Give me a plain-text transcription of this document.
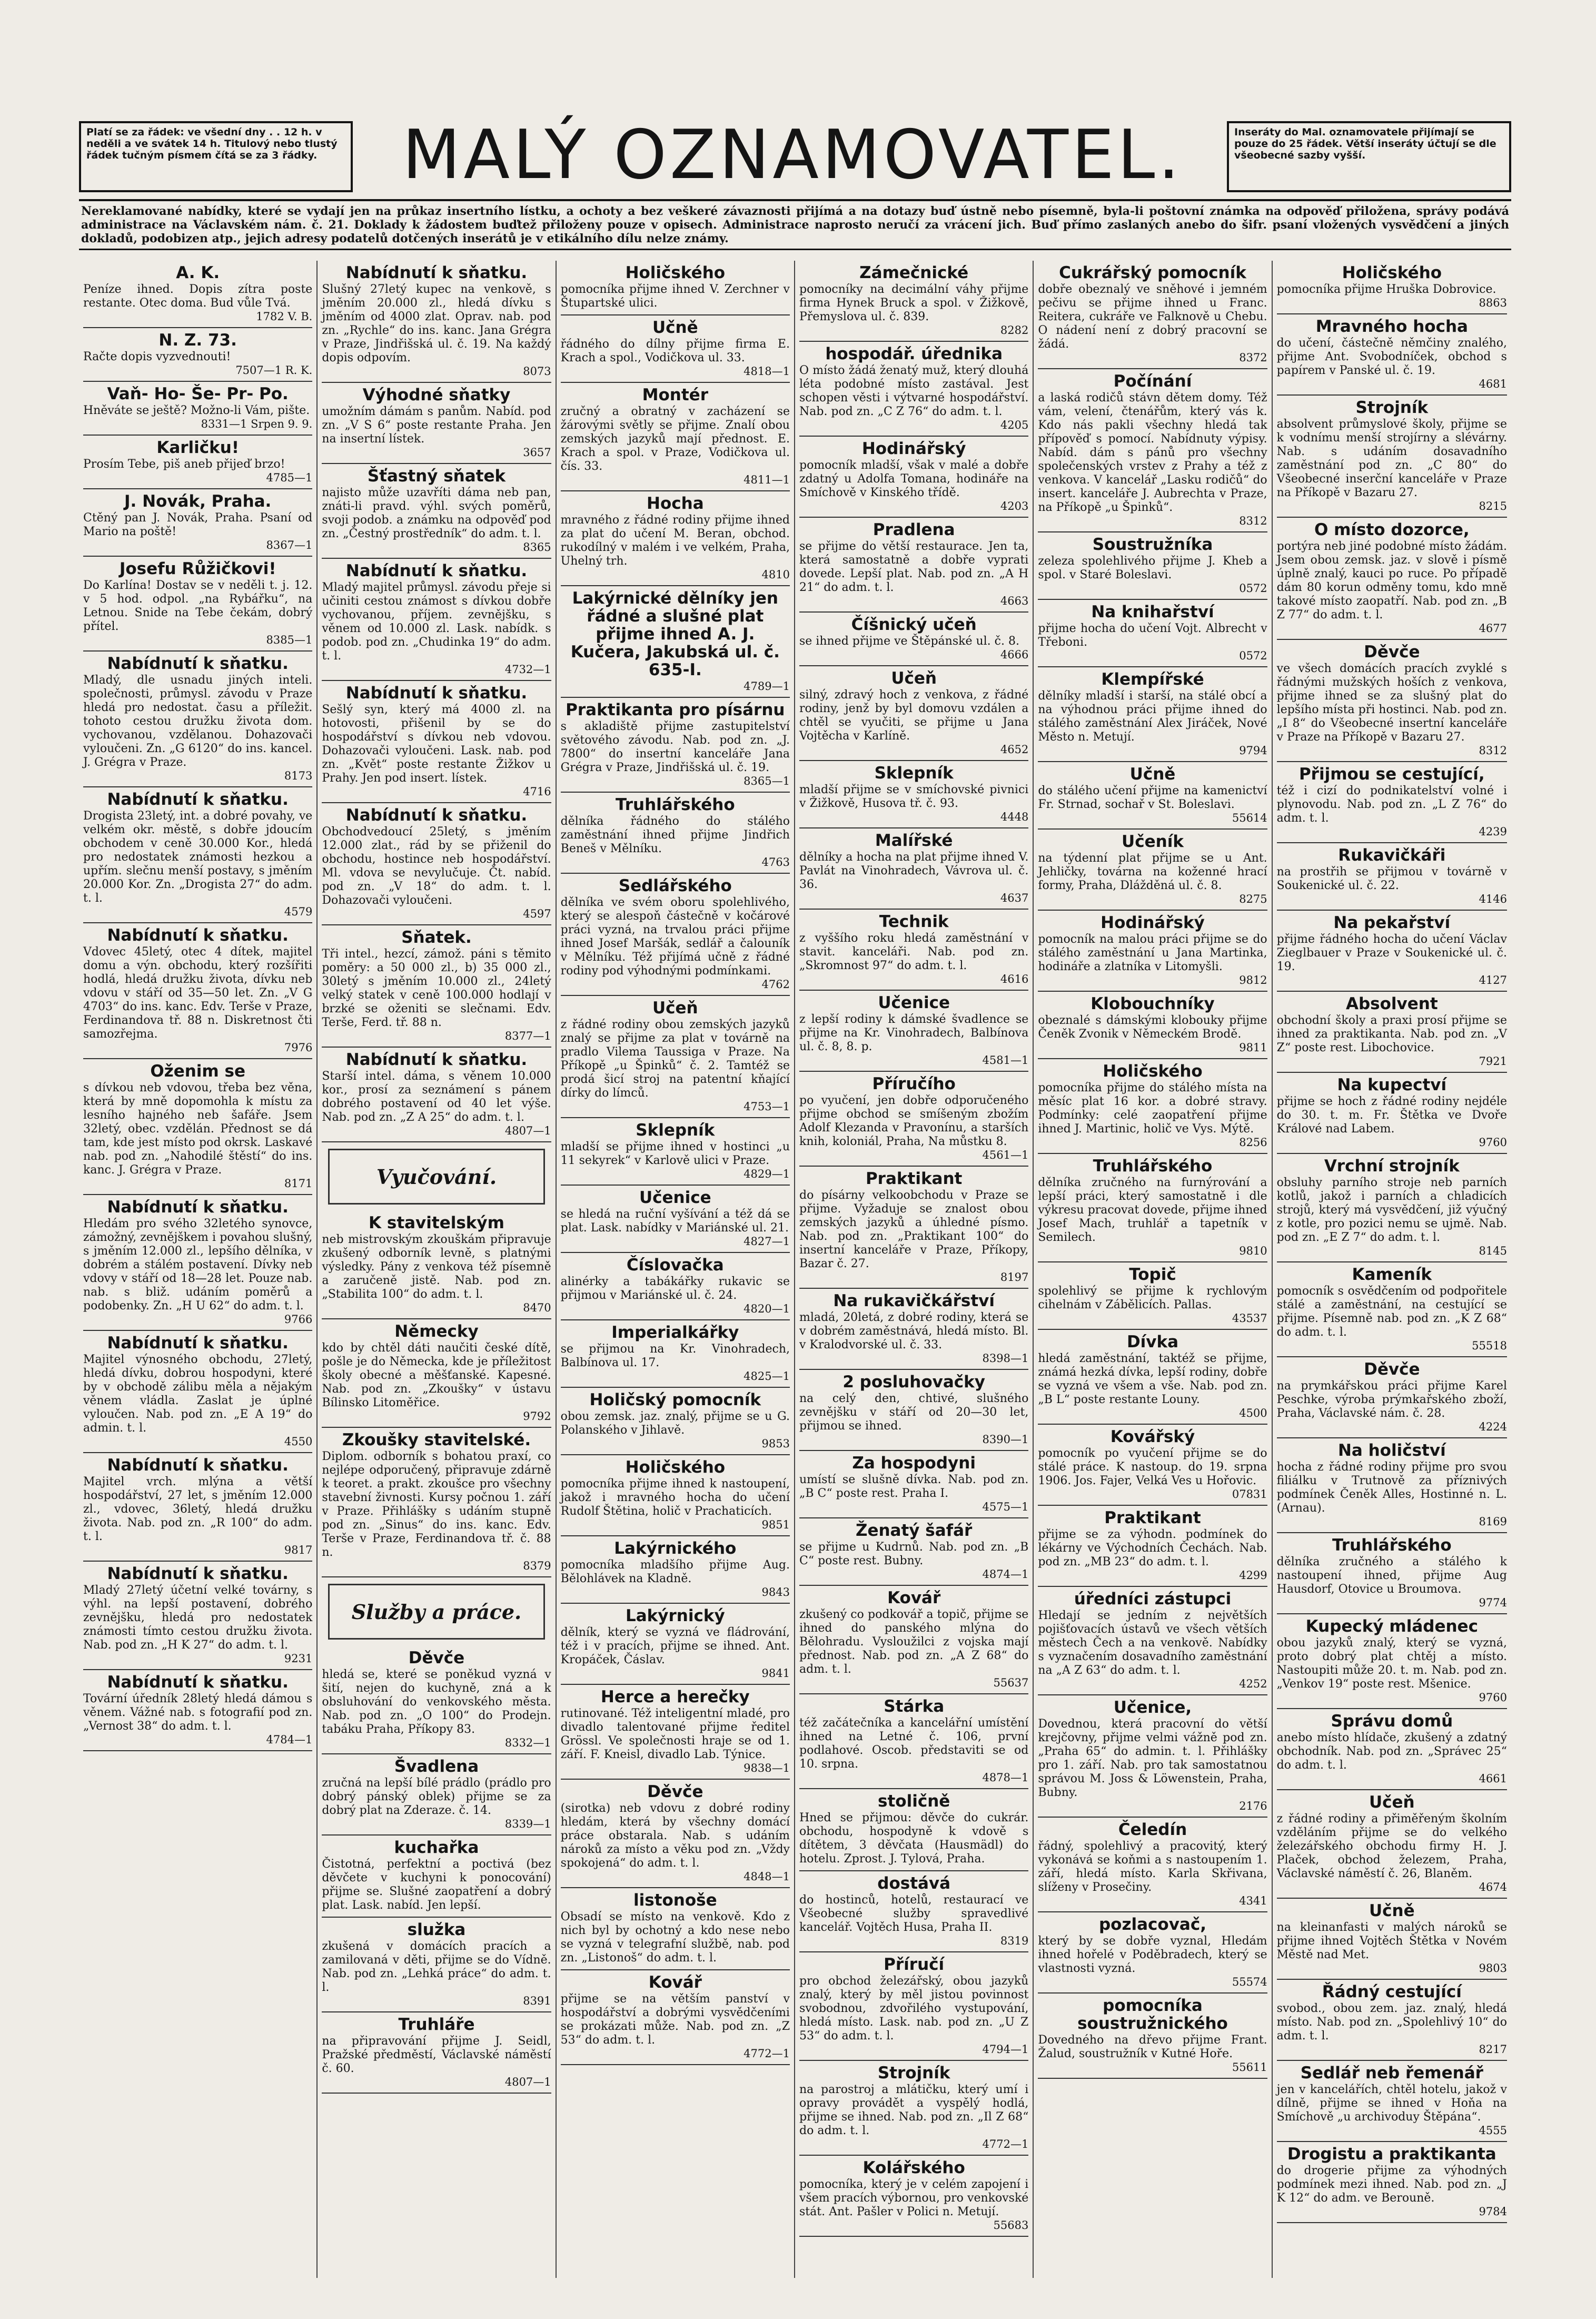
Platí se za řádek: ve všední dny . . 12 h. v neděli a ve svátek 14 h. Titulový nebo tlustý řádek tučným písmem čítá se za 3 řádky.	MALÝ OZNAMOVATEL.	Inseráty do Mal. oznamovatele přijímají se pouze do 25 řádek. Větší inseráty účtují se dle všeobecné sazby vyšší.
Nereklamované nabídky, které se vydají jen na průkaz insertního lístku, a ochoty a bez veškeré závaznosti přijímá a na dotazy buď ústně nebo písemně, byla-li poštovní známka na odpověď přiložena, správy podává administrace na Václavském nám. č. 21. Doklady k žádostem buďtež přiloženy pouze v opisech. Administrace naprosto neručí za vrácení jich. Buď přímo zaslaných anebo do šifr. psaní vložených vysvědčení a jiných dokladů, podobizen atp., jejich adresy podatelů dotčených inserátů je v etikálního dílu nelze známy.
A. K.
Peníze ihned. Dopis zítra poste restante. Otec doma. Bud vůle Tvá.
1782 V. B.
N. Z. 73.
Račte dopis vyzvednouti!
7507—1 R. K.
Vaň- Ho- Še- Pr- Po.
Hněváte se ještě? Možno-li Vám, pište.
8331—1 Srpen 9. 9.
Karličku!
Prosím Tebe, piš aneb přijeď brzo!
4785—1
J. Novák, Praha.
Ctěný pan J. Novák, Praha. Psaní od Mario na poště!
8367—1
Josefu Růžičkovi!
Do Karlína! Dostav se v neděli t. j. 12. v 5 hod. odpol. „na Rybářku“, na Letnou. Snide na Tebe čekám, dobrý přítel.
8385—1
Nabídnutí k sňatku.
Mladý, dle usnadu jiných inteli. společnosti, průmysl. závodu v Praze hledá pro nedostat. času a příležit. tohoto cestou družku života dom. vychovanou, vzdělanou. Dohazovači vyloučeni. Zn. „G 6120“ do ins. kancel. J. Grégra v Praze.
8173
Nabídnutí k sňatku.
Drogista 23letý, int. a dobré povahy, ve velkém okr. městě, s dobře jdoucím obchodem v ceně 30.000 Kor., hledá pro nedostatek známosti hezkou a upřím. slečnu menší postavy, s jměním 20.000 Kor. Zn. „Drogista 27“ do adm. t. l.
4579
Nabídnutí k sňatku.
Vdovec 45letý, otec 4 dítek, majitel domu a výn. obchodu, který rozšířiti hodlá, hledá družku života, dívku neb vdovu v stáří od 35—50 let. Zn. „V G 4703“ do ins. kanc. Edv. Terše v Praze, Ferdinandova tř. 88 n. Diskretnost čti samozřejma.
7976
Oženim se
s dívkou neb vdovou, třeba bez věna, která by mně dopomohla k místu za lesního hajného neb šafáře. Jsem 32letý, obec. vzdělán. Přednost se dá tam, kde jest místo pod okrsk. Laskavé nab. pod zn. „Nahodilé štěstí“ do ins. kanc. J. Grégra v Praze.
8171
Nabídnutí k sňatku.
Hledám pro svého 32letého synovce, zámožný, zevnějškem i povahou slušný, s jměním 12.000 zl., lepšího dělníka, v dobrém a stálém postavení. Dívky neb vdovy v stáří od 18—28 let. Pouze nab. nab. s bliž. udáním poměrů a podobenky. Zn. „H U 62“ do adm. t. l.
9766
Nabídnutí k sňatku.
Majitel výnosného obchodu, 27letý, hledá dívku, dobrou hospodyni, které by v obchodě zálibu měla a nějakým věnem vládla. Zaslat je úplné vyloučen. Nab. pod zn. „E A 19“ do admin. t. l.
4550
Nabídnutí k sňatku.
Majitel vrch. mlýna a větší hospodářství, 27 let, s jměním 12.000 zl., vdovec, 36letý, hledá družku života. Nab. pod zn. „R 100“ do adm. t. l.
9817
Nabídnutí k sňatku.
Mladý 27letý účetní velké továrny, s výhl. na lepší postavení, dobrého zevnějšku, hledá pro nedostatek známosti tímto cestou družku života. Nab. pod zn. „H K 27“ do adm. t. l.
9231
Nabídnutí k sňatku.
Tovární úředník 28letý hledá dámou s věnem. Vážné nab. s fotografií pod zn. „Vernost 38“ do adm. t. l.
4784—1
Nabídnutí k sňatku.
Slušný 27letý kupec na venkově, s jměním 20.000 zl., hledá dívku s jměním od 4000 zlat. Oprav. nab. pod zn. „Rychle“ do ins. kanc. Jana Grégra v Praze, Jindřišská ul. č. 19. Na každý dopis odpovím.
8073
Výhodné sňatky
umožním dámám s panům. Nabíd. pod zn. „V S 6“ poste restante Praha. Jen na insertní lístek.
3657
Šťastný sňatek
najisto může uzavříti dáma neb pan, znáti-li pravd. výhl. svých poměrů, svoji podob. a známku na odpověď pod zn. „Čestný prostředník“ do adm. t. l.
8365
Nabídnutí k sňatku.
Mladý majitel průmysl. závodu přeje si učiniti cestou známost s dívkou dobře vychovanou, příjem. zevnějšku, s věnem od 10.000 zl. Lask. nabídk. s podob. pod zn. „Chudinka 19“ do adm. t. l.
4732—1
Nabídnutí k sňatku.
Sešlý syn, který má 4000 zl. na hotovosti, přišenil by se do hospodářství s dívkou neb vdovou. Dohazovači vyloučeni. Lask. nab. pod zn. „Květ“ poste restante Žižkov u Prahy. Jen pod insert. lístek.
4716
Nabídnutí k sňatku.
Obchodvedoucí 25letý, s jměním 12.000 zlat., rád by se přiženil do obchodu, hostince neb hospodářství. Ml. vdova se nevylučuje. Čt. nabíd. pod zn. „V 18“ do adm. t. l. Dohazovači vyloučeni.
4597
Sňatek.
Tři intel., hezcí, zámož. páni s těmito poměry: a 50 000 zl., b) 35 000 zl., 30letý s jměním 10.000 zl., 24letý velký statek v ceně 100.000 hodlají v brzké se oženiti se slečnami. Edv. Terše, Ferd. tř. 88 n.
8377—1
Nabídnutí k sňatku.
Starší intel. dáma, s věnem 10.000 kor., prosí za seznámení s pánem dobrého postavení od 40 let výše. Nab. pod zn. „Z A 25“ do adm. t. l.
4807—1
Vyučování.
K stavitelským
neb mistrovským zkouškám připravuje zkušený odborník levně, s platnými výsledky. Pány z venkova též písemně a zaručeně jistě. Nab. pod zn. „Stabilita 100“ do adm. t. l.
8470
Německy
kdo by chtěl dáti naučiti české dítě, pošle je do Německa, kde je příležitost školy obecné a měšťanské. Kapesné. Nab. pod zn. „Zkoušky“ v ústavu Bílinsko Litoměřice.
9792
Zkoušky stavitelské.
Diplom. odborník s bohatou praxí, co nejlépe odporučený, připravuje zdárně k teoret. a prakt. zkoušce pro všechny stavební živnosti. Kursy počnou 1. září v Praze. Přihlášky s udáním stupně pod zn. „Sinus“ do ins. kanc. Edv. Terše v Praze, Ferdinandova tř. č. 88 n.
8379
Služby a práce.
Děvče
hledá se, které se poněkud vyzná v šití, nejen do kuchyně, zná a k obsluhování do venkovského města. Nab. pod zn. „O 100“ do Prodejn. tabáku Praha, Příkopy 83.
8332—1
Švadlena
zručná na lepší bílé prádlo (prádlo pro dobrý pánský oblek) přijme se za dobrý plat na Zderaze. č. 14.
8339—1
kuchařka
Čistotná, perfektní a poctivá (bez děvčete v kuchyni k ponocování) přijme se. Slušné zaopatření a dobrý plat. Lask. nabíd. Jen lepší.
služka
zkušená v domácích pracích a zamilovaná v děti, přijme se do Vídně. Nab. pod zn. „Lehká práce“ do adm. t. l.
8391
Truhláře
na připravování přijme J. Seidl, Pražské předměstí, Václavské náměstí č. 60.
4807—1
Holičského
pomocníka přijme ihned V. Zerchner v Štupartské ulici.
Učně
řádného do dílny přijme firma E. Krach a spol., Vodičkova ul. 33.
4818—1
Montér
zručný a obratný v zacházení se žárovými světly se přijme. Znalí obou zemských jazyků mají přednost. E. Krach a spol. v Praze, Vodičkova ul. čís. 33.
4811—1
Hocha
mravného z řádné rodiny přijme ihned za plat do učení M. Beran, obchod. rukodílný v malém i ve velkém, Praha, Uhelný trh.
4810
Lakýrnické dělníky jen řádné a slušné plat přijme ihned A. J. Kučera, Jakubská ul. č. 635-I.
4789—1
Praktikanta pro písárnu
s akladiště přijme zastupitelství světového závodu. Nab. pod zn. „J. 7800“ do insertní kanceláře Jana Grégra v Praze, Jindřišská ul. č. 19.
8365—1
Truhlářského
dělníka řádného do stálého zaměstnání ihned přijme Jindřich Beneš v Mělníku.
4763
Sedlářského
dělníka ve svém oboru spolehlivého, který se alespoň částečně v kočárové práci vyzná, na trvalou práci přijme ihned Josef Maršák, sedlář a čalouník v Mělníku. Též přijímá učně z řádné rodiny pod výhodnými podmínkami.
4762
Učeň
z řádné rodiny obou zemských jazyků znalý se přijme za plat v továrně na pradlo Vilema Taussiga v Praze. Na Příkopě „u Špinků“ č. 2. Tamtéž se prodá šicí stroj na patentní kňající dírky do límců.
4753—1
Sklepník
mladší se přijme ihned v hostinci „u 11 sekyrek“ v Karlově ulici v Praze.
4829—1
Učenice
se hledá na ruční vyšívání a též dá se plat. Lask. nabídky v Mariánské ul. 21.
4827—1
Číslovačka
alinérky a tabákářky rukavic se přijmou v Mariánské ul. č. 24.
4820—1
Imperialkářky
se přijmou na Kr. Vinohradech, Balbínova ul. 17.
4825—1
Holičský pomocník
obou zemsk. jaz. znalý, přijme se u G. Polanského v Jihlavě.
9853
Holičského
pomocníka přijme ihned k nastoupení, jakož i mravného hocha do učení Rudolf Štětina, holič v Prachaticích.
9851
Lakýrnického
pomocníka mladšího přijme Aug. Bělohlávek na Kladně.
9843
Lakýrnický
dělník, který se vyzná ve fládrování, též i v pracích, přijme se ihned. Ant. Kropáček, Čáslav.
9841
Herce a herečky
rutinované. Též inteligentní mladé, pro divadlo talentované přijme ředitel Grössl. Ve společnosti hraje se od 1. září. F. Kneisl, divadlo Lab. Týnice.
9838—1
Děvče
(sirotka) neb vdovu z dobré rodiny hledám, která by všechny domácí práce obstarala. Nab. s udáním nároků za místo a věku pod zn. „Vždy spokojená“ do adm. t. l.
4848—1
listonoše
Obsadí se místo na venkově. Kdo z nich byl by ochotný a kdo nese nebo se vyzná v telegrafní službě, nab. pod zn. „Listonoš“ do adm. t. l.
Kovář
přijme se na větším panství v hospodářství a dobrými vysvědčeními se prokázati může. Nab. pod zn. „Z 53“ do adm. t. l.
4772—1
Zámečnické
pomocníky na decimální váhy přijme firma Hynek Bruck a spol. v Žižkově, Přemyslova ul. č. 839.
8282
hospodář. úřednika
O místo žádá ženatý muž, který dlouhá léta podobné místo zastával. Jest schopen věsti i výtvarné hospodářství. Nab. pod zn. „C Z 76“ do adm. t. l.
4205
Hodinářský
pomocník mladší, však v malé a dobře zdatný u Adolfa Tomana, hodináře na Smíchově v Kinského třídě.
4203
Pradlena
se přijme do větší restaurace. Jen ta, která samostatně a dobře vyprati dovede. Lepší plat. Nab. pod zn. „A H 21“ do adm. t. l.
4663
Číšnický učeň
se ihned přijme ve Štěpánské ul. č. 8.
4666
Učeň
silný, zdravý hoch z venkova, z řádné rodiny, jenž by byl domovu vzdálen a chtěl se vyučiti, se přijme u Jana Vojtěcha v Karlíně.
4652
Sklepník
mladší přijme se v smíchovské pivnici v Žižkově, Husova tř. č. 93.
4448
Malířské
dělníky a hocha na plat přijme ihned V. Pavlát na Vinohradech, Vávrova ul. č. 36.
4637
Technik
z vyššího roku hledá zaměstnání v stavit. kanceláři. Nab. pod zn. „Skromnost 97“ do adm. t. l.
4616
Učenice
z lepší rodiny k dámské švadlence se přijme na Kr. Vinohradech, Balbínova ul. č. 8, 8. p.
4581—1
Příručího
po vyučení, jen dobře odporučeného přijme obchod se smíšeným zbožím Adolf Klezanda v Pravonínu, a starších knih, koloniál, Praha, Na můstku 8.
4561—1
Praktikant
do písárny velkoobchodu v Praze se přijme. Vyžaduje se znalost obou zemských jazyků a úhledné písmo. Nab. pod zn. „Praktikant 100“ do insertní kanceláře v Praze, Příkopy, Bazar č. 27.
8197
Na rukavičkářství
mladá, 20letá, z dobré rodiny, která se v dobrém zaměstnává, hledá místo. Bl. v Kralodvorské ul. č. 33.
8398—1
2 posluhovačky
na celý den, chtivé, slušného zevnějšku v stáří od 20—30 let, přijmou se ihned.
8390—1
Za hospodyni
umístí se slušně dívka. Nab. pod zn. „B C“ poste rest. Praha I.
4575—1
Ženatý šafář
se přijme u Kudrnů. Nab. pod zn. „B C“ poste rest. Bubny.
4874—1
Kovář
zkušený co podkovář a topič, přijme se ihned do panského mlýna do Bělohradu. Vysloužilci z vojska mají přednost. Nab. pod zn. „A Z 68“ do adm. t. l.
55637
Stárka
též začátečníka a kancelářní umístění ihned na Letné č. 106, první podlahové. Oscob. představiti se od 10. srpna.
4878—1
stoličně
Hned se přijmou: děvče do cukrár. obchodu, hospodyně k vdově s dítětem, 3 děvčata (Hausmädl) do hotelu. Zprost. J. Tylová, Praha.
dostává
do hostinců, hotelů, restaurací ve Všeobecné služby spravedlivé kancelář. Vojtěch Husa, Praha II.
8319
Příručí
pro obchod železářský, obou jazyků znalý, který by měl jistou povinnost svobodnou, zdvořilého vystupování, hledá místo. Lask. nab. pod zn. „U Z 53“ do adm. t. l.
4794—1
Strojník
na parostroj a mlátičku, který umí i opravy provádět a vyspělý hodlá, přijme se ihned. Nab. pod zn. „Il Z 68“ do adm. t. l.
4772—1
Kolářského
pomocníka, který je v celém zapojení i všem pracích výbornou, pro venkovské stát. Ant. Pašler v Polici n. Metují.
55683
Cukrářský pomocník
dobře obeznalý ve sněhové i jemném pečivu se přijme ihned u Franc. Reitera, cukráře ve Falknově u Chebu. O nádení není z dobrý pracovní se žádá.
8372
Počínání
a laská rodičů stávn dětem domy. Též vám, velení, čtenářům, který vás k. Kdo nás pakli všechny hledá tak přípověď s pomocí. Nabídnuty výpisy. Nabíd. dám s pánů pro všechny společenských vrstev z Prahy a též z venkova. V kancelář „Lasku rodičů“ do insert. kanceláře J. Aubrechta v Praze, na Příkopě „u Špinků“.
8312
Soustružníka
zeleza spolehlivého přijme J. Kheb a spol. v Staré Boleslavi.
0572
Na knihařství
přijme hocha do učení Vojt. Albrecht v Třeboni.
0572
Klempířské
dělníky mladší i starší, na stálé obcí a na výhodnou práci přijme ihned do stálého zaměstnání Alex Jiráček, Nové Město n. Metují.
9794
Učně
do stálého učení přijme na kamenictví Fr. Strnad, sochař v St. Boleslavi.
55614
Učeník
na týdenní plat přijme se u Ant. Jehličky, továrna na koženné hrací formy, Praha, Dlážděná ul. č. 8.
8275
Hodinářský
pomocník na malou práci přijme se do stálého zaměstnání u Jana Martinka, hodináře a zlatníka v Litomyšli.
9812
Klobouchníky
obeznalé s dámskými klobouky přijme Čeněk Zvonik v Německém Brodě.
9811
Holičského
pomocníka přijme do stálého místa na měsíc plat 16 kor. a dobré stravy. Podmínky: celé zaopatření přijme ihned J. Martinic, holič ve Vys. Mýtě.
8256
Truhlářského
dělníka zručného na furnýrování a lepší práci, který samostatně i dle výkresu pracovat dovede, přijme ihned Josef Mach, truhlář a tapetník v Semilech.
9810
Topič
spolehlivý se přijme k rychlovým cihelnám v Zábělicích. Pallas.
43537
Dívka
hledá zaměstnání, taktéž se přijme, známá hezká dívka, lepší rodiny, dobře se vyzná ve všem a vše. Nab. pod zn. „B L“ poste restante Louny.
4500
Kovářský
pomocník po vyučení přijme se do stálé práce. K nastoup. do 19. srpna 1906. Jos. Fajer, Velká Ves u Hořovic.
07831
Praktikant
přijme se za výhodn. podmínek do lékárny ve Východních Čechách. Nab. pod zn. „MB 23“ do adm. t. l.
4299
úředníci zástupci
Hledají se jedním z největších pojišťovacích ústavů ve všech větších městech Čech a na venkově. Nabídky s vyznačením dosavadního zaměstnání na „A Z 63“ do adm. t. l.
4252
Učenice,
Dovednou, která pracovní do větší krejčovny, přijme velmi vážně pod zn. „Praha 65“ do admin. t. l. Přihlášky pro 1. září. Nab. pro tak samostatnou správou M. Joss & Löwenstein, Praha, Bubny.
2176
Čeledín
řádný, spolehlivý a pracovitý, který vykonává se koňmi a s nastoupením 1. září, hledá místo. Karla Skřivana, slíženy v Prosečiny.
4341
pozlacovač,
který by se dobře vyznal, Hledám ihned hořelé v Poděbradech, který se vlastnosti vyzná.
55574
pomocníka soustružnického
Dovedného na dřevo přijme Frant. Žalud, soustružník v Kutné Hoře.
55611
Holičského
pomocníka přijme Hruška Dobrovice.
8863
Mravného hocha
do učení, částečně němčiny znalého, přijme Ant. Svobodníček, obchod s papírem v Panské ul. č. 19.
4681
Strojník
absolvent průmyslové školy, přijme se k vodnímu menší strojírny a slévárny. Nab. s udáním dosavadního zaměstnání pod zn. „C 80“ do Všeobecné inserční kanceláře v Praze na Příkopě v Bazaru 27.
8215
O místo dozorce,
portýra neb jiné podobné místo žádám. Jsem obou zemsk. jaz. v slově i písmě úplně znalý, kauci po ruce. Po případě dám 80 korun odměny tomu, kdo mně takové místo zaopatří. Nab. pod zn. „B Z 77“ do adm. t. l.
4677
Děvče
ve všech domácích pracích zvyklé s řádnými mužských hoších z venkova, přijme ihned se za slušný plat do lepšího místa při hostinci. Nab. pod zn. „I 8“ do Všeobecné insertní kanceláře v Praze na Příkopě v Bazaru 27.
8312
Přijmou se cestující,
též i cizí do podnikatelství volné i plynovodu. Nab. pod zn. „L Z 76“ do adm. t. l.
4239
Rukavičkáři
na prostřih se přijmou v továrně v Soukenické ul. č. 22.
4146
Na pekařství
přijme řádného hocha do učení Václav Zieglbauer v Praze v Soukenické ul. č. 19.
4127
Absolvent
obchodní školy a praxi prosí přijme se ihned za praktikanta. Nab. pod zn. „V Z“ poste rest. Libochovice.
7921
Na kupectví
přijme se hoch z řádné rodiny nejdéle do 30. t. m. Fr. Štětka ve Dvoře Králové nad Labem.
9760
Vrchní strojník
obsluhy parního stroje neb parních kotlů, jakož i parních a chladicích strojů, který má vysvědčení, již výučný z kotle, pro pozici nemu se ujmě. Nab. pod zn. „E Z 7“ do adm. t. l.
8145
Kameník
pomocník s osvědčením od podpořitele stálé a zaměstnání, na cestující se přijme. Písemně nab. pod zn. „K Z 68“ do adm. t. l.
55518
Děvče
na prymkářskou práci přijme Karel Peschke, výroba prýmkařského zboží, Praha, Václavské nám. č. 28.
4224
Na holičství
hocha z řádné rodiny přijme pro svou filiálku v Trutnově za příznivých podmínek Čeněk Alles, Hostinné n. L. (Arnau).
8169
Truhlářského
dělníka zručného a stálého k nastoupení ihned, přijme Aug Hausdorf, Otovice u Broumova.
9774
Kupecký mládenec
obou jazyků znalý, který se vyzná, proto dobrý plat chtěj a místo. Nastoupiti může 20. t. m. Nab. pod zn. „Venkov 19“ poste rest. Mšenice.
9760
Správu domů
anebo místo hlídače, zkušený a zdatný obchodník. Nab. pod zn. „Správec 25“ do adm. t. l.
4661
Učeň
z řádné rodiny a přiměřeným školním vzděláním přijme se do velkého železářského obchodu firmy H. J. Plaček, obchod železem, Praha, Václavské náměstí č. 26, Blaněm.
4674
Učně
na kleinanfasti v malých nároků se přijme ihned Vojtěch Štětka v Novém Městě nad Met.
9803
Řádný cestující
svobod., obou zem. jaz. znalý, hledá místo. Nab. pod zn. „Spolehlivý 10“ do adm. t. l.
8217
Sedlář neb řemenář
jen v kancelářích, chtěl hotelu, jakož v dílně, přijme se ihned v Hoňa na Smíchově „u archivoduy Štěpána“.
4555
Drogistu a praktikanta
do drogerie přijme za výhodných podmínek mezi ihned. Nab. pod zn. „J K 12“ do adm. ve Berouně.
9784
